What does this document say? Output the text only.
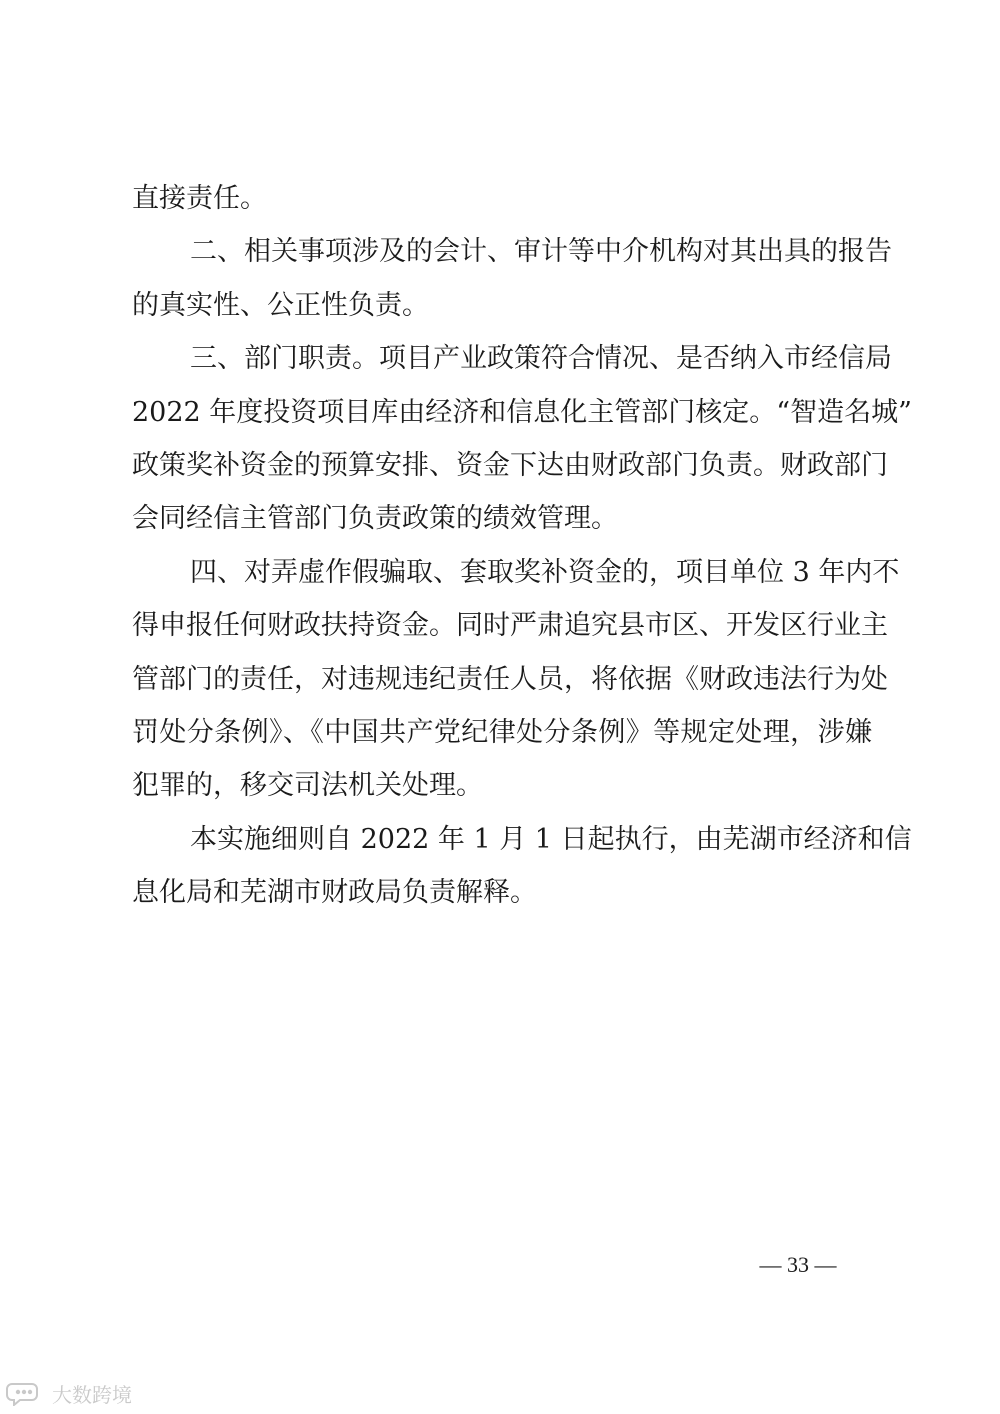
直接责任。
二、相关事项涉及的会计、审计等中介机构对其出具的报告
的真实性、公正性负责。
三、部门职责。项目产业政策符合情况、是否纳入市经信局
2022 年度投资项目库由经济和信息化主管部门核定。“智造名城”
政策奖补资金的预算安排、资金下达由财政部门负责。财政部门
会同经信主管部门负责政策的绩效管理。
四、对弄虚作假骗取、套取奖补资金的，项目单位 3 年内不
得申报任何财政扶持资金。同时严肃追究县市区、开发区行业主
管部门的责任，对违规违纪责任人员，将依据《财政违法行为处
罚处分条例》、《中国共产党纪律处分条例》等规定处理，涉嫌
犯罪的，移交司法机关处理。
本实施细则自 2022 年 1 月 1 日起执行，由芜湖市经济和信
息化局和芜湖市财政局负责解释。
— 33 —
大数跨境
